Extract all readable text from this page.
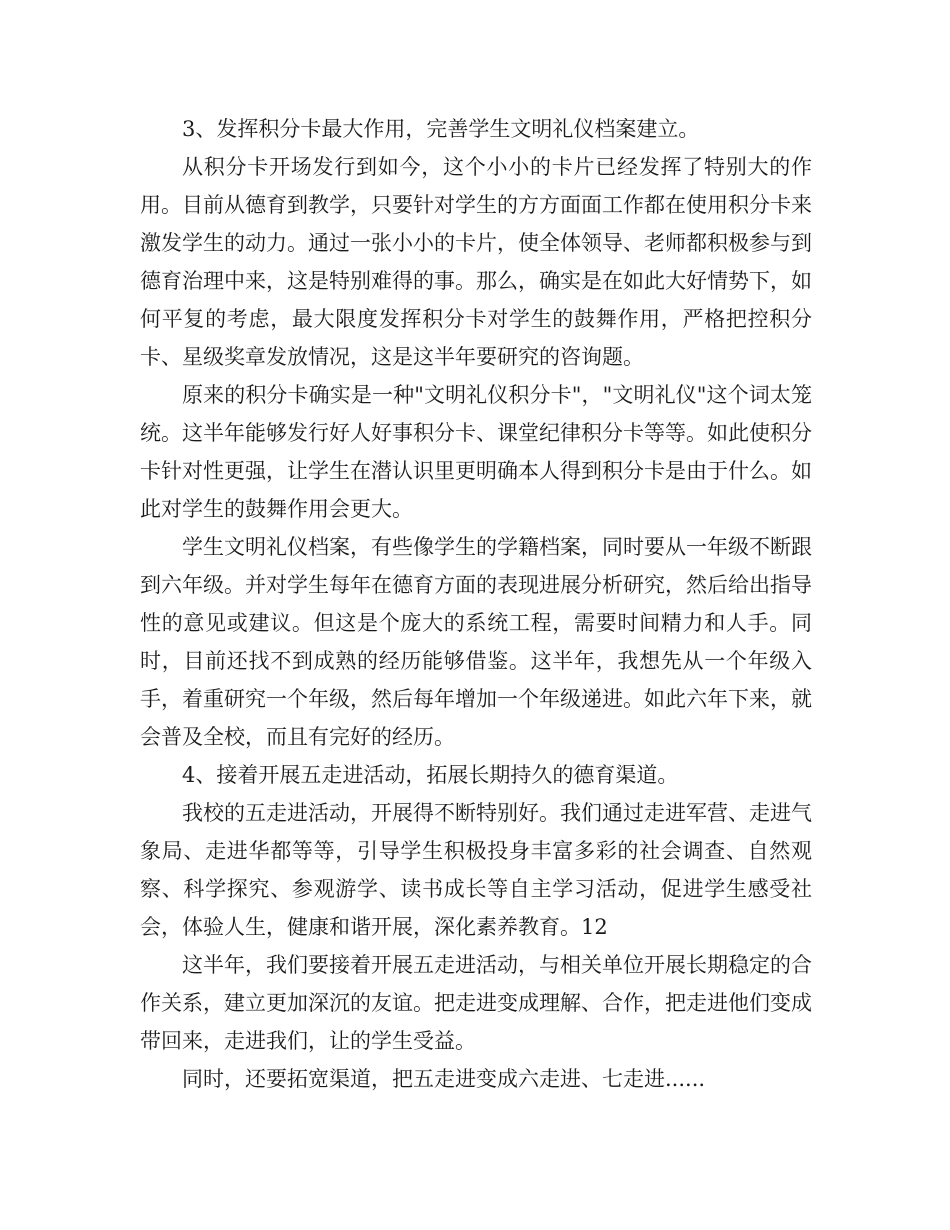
3、发挥积分卡最大作用，完善学生文明礼仪档案建立。

从积分卡开场发行到如今，这个小小的卡片已经发挥了特别大的作用。目前从德育到教学，只要针对学生的方方面面工作都在使用积分卡来激发学生的动力。通过一张小小的卡片，使全体领导、老师都积极参与到德育治理中来，这是特别难得的事。那么，确实是在如此大好情势下，如何平复的考虑，最大限度发挥积分卡对学生的鼓舞作用，严格把控积分卡、星级奖章发放情况，这是这半年要研究的咨询题。

原来的积分卡确实是一种"文明礼仪积分卡"，"文明礼仪"这个词太笼统。这半年能够发行好人好事积分卡、课堂纪律积分卡等等。如此使积分卡针对性更强，让学生在潜认识里更明确本人得到积分卡是由于什么。如此对学生的鼓舞作用会更大。

学生文明礼仪档案，有些像学生的学籍档案，同时要从一年级不断跟到六年级。并对学生每年在德育方面的表现进展分析研究，然后给出指导性的意见或建议。但这是个庞大的系统工程，需要时间精力和人手。同时，目前还找不到成熟的经历能够借鉴。这半年，我想先从一个年级入手，着重研究一个年级，然后每年增加一个年级递进。如此六年下来，就会普及全校，而且有完好的经历。

4、接着开展五走进活动，拓展长期持久的德育渠道。

我校的五走进活动，开展得不断特别好。我们通过走进军营、走进气象局、走进华都等等，引导学生积极投身丰富多彩的社会调查、自然观察、科学探究、参观游学、读书成长等自主学习活动，促进学生感受社会，体验人生，健康和谐开展，深化素养教育。12

这半年，我们要接着开展五走进活动，与相关单位开展长期稳定的合作关系，建立更加深沉的友谊。把走进变成理解、合作，把走进他们变成带回来，走进我们，让的学生受益。

同时，还要拓宽渠道，把五走进变成六走进、七走进......
